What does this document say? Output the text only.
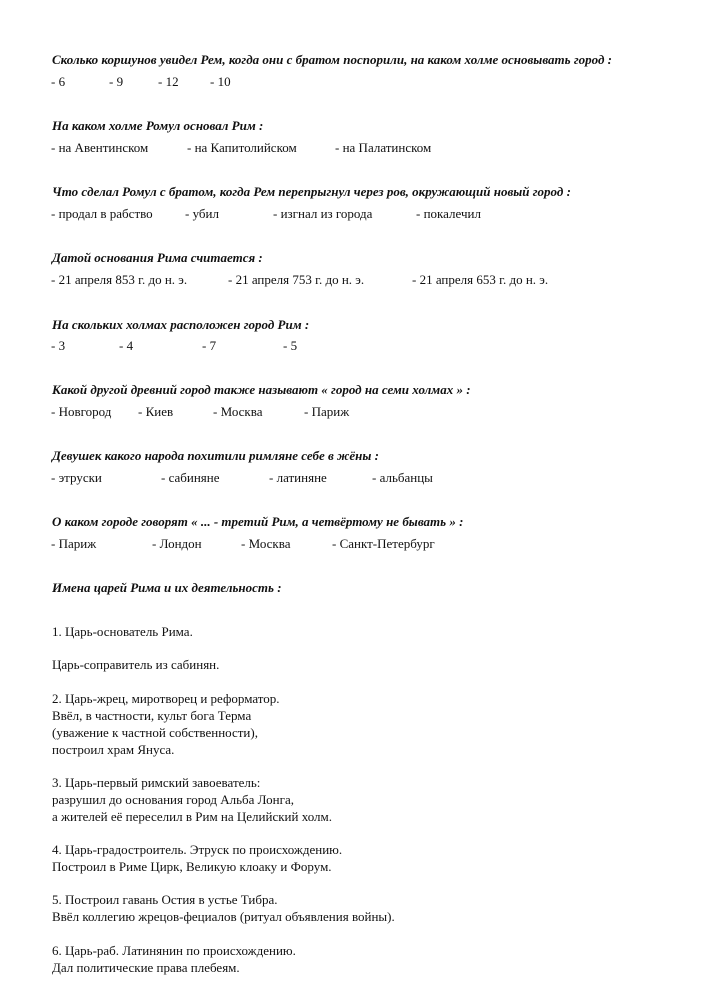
Сколько коршунов увидел Рем, когда они с братом поспорили, на каком холме основывать город :
- 6	- 9	- 12 - 10
На каком холме Ромул основал Рим :
- на Авентинском	- на Капитолийском	- на Палатинском
Что сделал Ромул с братом, когда Рем перепрыгнул через ров, окружающий новый город :
- продал в рабство - убил	- изгнал из города	- покалечил
Датой основания Рима считается :
- 21 апреля 853 г. до н. э.	- 21 апреля 753 г. до н. э.	- 21 апреля 653 г. до н. э.
На скольких холмах расположен город Рим :
- 3	- 4	- 7	- 5
Какой другой древний город также называют « город на семи холмах » :
- Новгород - Киев	- Москва	- Париж
Девушек какого народа похитили римляне себе в жёны :
- этруски	- сабиняне	- латиняне	- альбанцы
О каком городе говорят « ... - третий Рим, а четвёртому не бывать » :
- Париж	- Лондон	- Москва	- Санкт-Петербург
Имена царей Рима и их деятельность :

1. Царь-основатель Рима.

Царь-сoправитель из сабинян.

2. Царь-жрец, миротворец и реформатор.
Ввёл, в частности, культ бога Терма
(уважение к частной собственности),
построил храм Януса.

3. Царь-первый римский завоеватель:
разрушил до основания город Альба Лонга,
а жителей её переселил в Рим на Целийский холм.

4. Царь-градостроитель. Этруск по происхождению.
Построил в Риме Цирк, Великую клоаку и Форум.

5. Построил гавань Остия в устье Тибра.
Ввёл коллегию жрецов-фециалов (ритуал объявления войны).

6. Царь-раб. Латинянин по происхождению.
Дал политические права плебеям.
